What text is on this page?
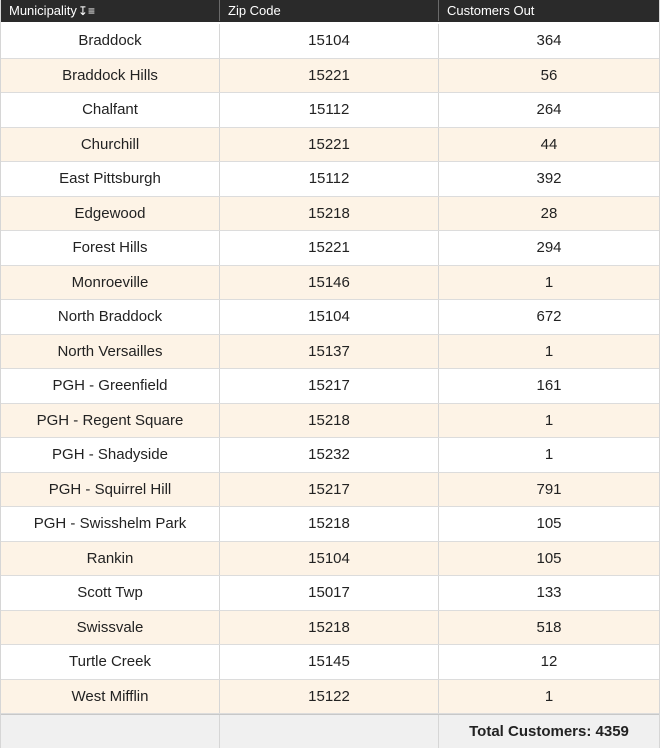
Municipality ↧≡	Zip Code	Customers Out
Braddock	15104	364
Braddock Hills	15221	56
Chalfant	15112	264
Churchill	15221	44
East Pittsburgh	15112	392
Edgewood	15218	28
Forest Hills	15221	294
Monroeville	15146	1
North Braddock	15104	672
North Versailles	15137	1
PGH - Greenfield	15217	161
PGH - Regent Square	15218	1
PGH - Shadyside	15232	1
PGH - Squirrel Hill	15217	791
PGH - Swisshelm Park	15218	105
Rankin	15104	105
Scott Twp	15017	133
Swissvale	15218	518
Turtle Creek	15145	12
West Mifflin	15122	1
Total Customers: 4359
